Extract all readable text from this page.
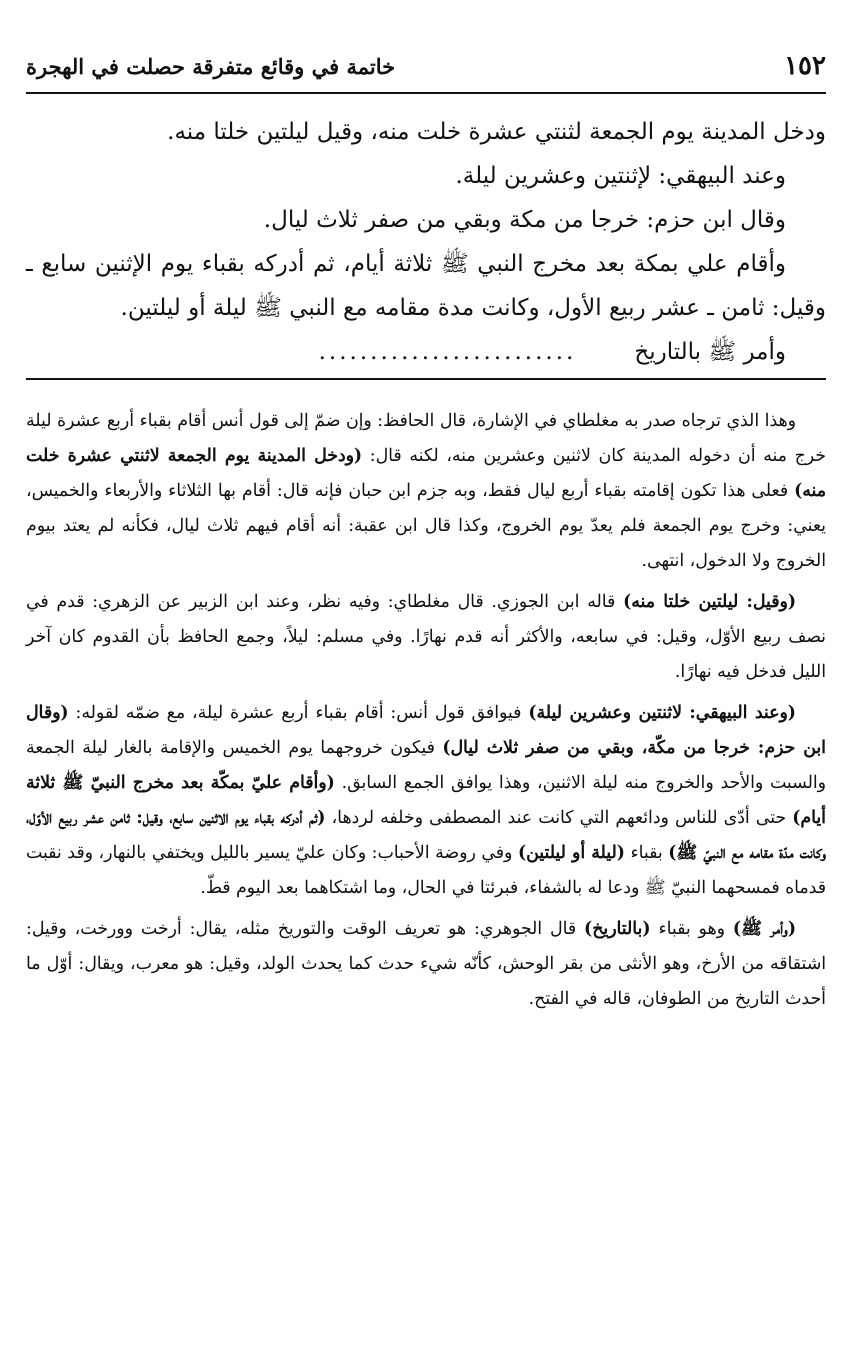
خاتمة في وقائع متفرقة حصلت في الهجرة	١٥٢

ودخل المدينة يوم الجمعة لثنتي عشرة خلت منه، وقيل ليلتين خلتا منه.

وعند البيهقي: لإثنتين وعشرين ليلة.

وقال ابن حزم: خرجا من مكة وبقي من صفر ثلاث ليال.

وأقام علي بمكة بعد مخرج النبي ﷺ ثلاثة أيام، ثم أدركه بقباء يوم الإثنين سابع ـ وقيل: ثامن ـ عشر ربيع الأول، وكانت مدة مقامه مع النبي ﷺ ليلة أو ليلتين.

وأمر ﷺ بالتاريخ
.........................

وهذا الذي ترجاه صدر به مغلطاي في الإشارة، قال الحافظ: وإن ضمّ إلى قول أنس أقام بقباء أربع عشرة ليلة خرج منه أن دخوله المدينة كان لاثنين وعشرين منه، لكنه قال: (ودخل المدينة يوم الجمعة لاثنتي عشرة خلت منه) فعلى هذا تكون إقامته بقباء أربع ليال فقط، وبه جزم ابن حبان فإنه قال: أقام بها الثلاثاء والأربعاء والخميس، يعني: وخرج يوم الجمعة فلم يعدّ يوم الخروج، وكذا قال ابن عقبة: أنه أقام فيهم ثلاث ليال، فكأنه لم يعتد بيوم الخروج ولا الدخول، انتهى.

(وقيل: ليلتين خلتا منه) قاله ابن الجوزي. قال مغلطاي: وفيه نظر، وعند ابن الزبير عن الزهري: قدم في نصف ربيع الأوّل، وقيل: في سابعه، والأكثر أنه قدم نهارًا. وفي مسلم: ليلاً، وجمع الحافظ بأن القدوم كان آخر الليل فدخل فيه نهارًا.

(وعند البيهقي: لاثنتين وعشرين ليلة) فيوافق قول أنس: أقام بقباء أربع عشرة ليلة، مع ضمّه لقوله: (وقال ابن حزم: خرجا من مكّة، وبقي من صفر ثلاث ليال) فيكون خروجهما يوم الخميس والإقامة بالغار ليلة الجمعة والسبت والأحد والخروج منه ليلة الاثنين، وهذا يوافق الجمع السابق. (وأقام عليّ بمكّة بعد مخرج النبيّ ﷺ ثلاثة أيام) حتى أدّى للناس ودائعهم التي كانت عند المصطفى وخلفه لردها، (ثم أدركه بقباء يوم الاثنين سابع، وقيل: ثامن عشر ربيع الأوّل، وكانت مدّة مقامه مع النبيّ ﷺ) بقباء (ليلة أو ليلتين) وفي روضة الأحباب: وكان عليّ يسير بالليل ويختفي بالنهار، وقد نقبت قدماه فمسحهما النبيّ ﷺ ودعا له بالشفاء، فبرئتا في الحال، وما اشتكاهما بعد اليوم قطّ.

(وأمر ﷺ) وهو بقباء (بالتاريخ) قال الجوهري: هو تعريف الوقت والتوريخ مثله، يقال: أرخت وورخت، وقيل: اشتقاقه من الأرخ، وهو الأنثى من بقر الوحش، كأنّه شيء حدث كما يحدث الولد، وقيل: هو معرب، ويقال: أوّل ما أحدث التاريخ من الطوفان، قاله في الفتح.
